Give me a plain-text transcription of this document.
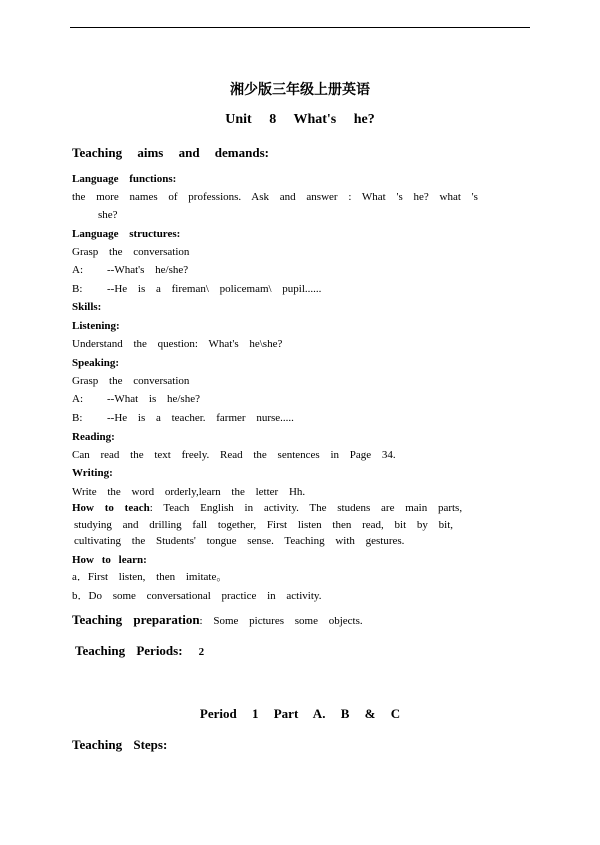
湘少版三年级上册英语
Unit 8 What's he?
Teaching aims and demands:
Language functions:
the more names of professions. Ask and answer : What 's he? what 's
she?
Language structures:
Grasp the conversation
A: --What's he/she?
B: --He is a fireman\ policemam\ pupil......
Skills:
Listening:
Understand the question: What's he\she?
Speaking:
Grasp the conversation
A: --What is he/she?
B: --He is a teacher. farmer nurse.....
Reading:
Can read the text freely. Read the sentences in Page 34.
Writing:
Write the word orderly,learn the letter Hh.
How to teach: Teach English in activity. The studens are main parts,
studying and drilling fall together, First listen then read, bit by bit,
cultivating the Students' tongue sense. Teaching with gestures.
How to learn:
a．First listen, then imitate。
b．Do some conversational practice in activity.
Teaching preparation: Some pictures some objects.
Teaching Periods: 2
Period 1 Part A. B & C
Teaching Steps:
